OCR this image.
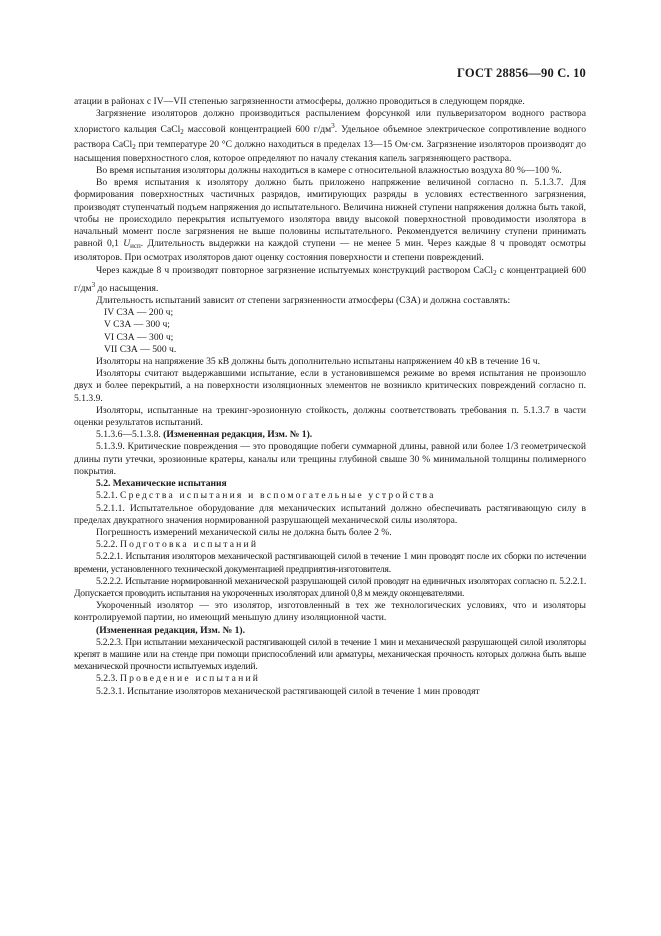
ГОСТ 28856—90 С. 10

атации в районах с IV—VII степенью загрязненности атмосферы, должно проводиться в следующем порядке.

Загрязнение изоляторов должно производиться распылением форсункой или пульверизатором водного раствора хлористого кальция CaCl$_2$ массовой концентрацией 600 $г/дм^3$. Удельное объемное электрическое сопротивление водного раствора CaCl$_2$ при температуре 20 °С должно находиться в пределах 13—15 Ом·см. Загрязнение изоляторов производят до насыщения поверхностного слоя, которое определяют по началу стекания капель загрязняющего раствора.

Во время испытания изоляторы должны находиться в камере с относительной влажностью воздуха 80 %—100 %.

Во время испытания к изолятору должно быть приложено напряжение величиной согласно п. 5.1.3.7. Для формирования поверхностных частичных разрядов, имитирующих разряды в условиях естественного загрязнения, производят ступенчатый подъем напряжения до испытательного. Величина нижней ступени напряжения должна быть такой, чтобы не происходило перекрытия испытуемого изолятора ввиду высокой поверхностной проводимости изолятора в начальный момент после загрязнения не выше половины испытательного. Рекомендуется величину ступени принимать равной 0,1 $U_{исп}$. Длительность выдержки на каждой ступени — не менее 5 мин. Через каждые 8 ч проводят осмотры изоляторов. При осмотрах изоляторов дают оценку состояния поверхности и степени повреждений.

Через каждые 8 ч производят повторное загрязнение испытуемых конструкций раствором CaCl$_2$ с концентрацией 600 $г/дм^3$ до насыщения.

Длительность испытаний зависит от степени загрязненности атмосферы (СЗА) и должна составлять:

IV СЗА — 200 ч;
V СЗА — 300 ч;
VI СЗА — 300 ч;
VII СЗА — 500 ч.

Изоляторы на напряжение 35 кВ должны быть дополнительно испытаны напряжением 40 кВ в течение 16 ч.

Изоляторы считают выдержавшими испытание, если в установившемся режиме во время испытания не произошло двух и более перекрытий, а на поверхности изоляционных элементов не возникло критических повреждений согласно п. 5.1.3.9.

Изоляторы, испытанные на трекинг-эрозионную стойкость, должны соответствовать требования п. 5.1.3.7 в части оценки результатов испытаний.

5.1.3.6—5.1.3.8. (Измененная редакция, Изм. № 1).

5.1.3.9. Критические повреждения — это проводящие побеги суммарной длины, равной или более 1/3 геометрической длины пути утечки, эрозионные кратеры, каналы или трещины глубиной свыше 30 % минимальной толщины полимерного покрытия.

5.2. Механические испытания

5.2.1. Средства испытания и вспомогательные устройства

5.2.1.1. Испытательное оборудование для механических испытаний должно обеспечивать растягивающую силу в пределах двукратного значения нормированной разрушающей механической силы изолятора.

Погрешность измерений механической силы не должна быть более 2 %.

5.2.2. Подготовка испытаний

5.2.2.1. Испытания изоляторов механической растягивающей силой в течение 1 мин проводят после их сборки по истечении времени, установленного технической документацией предприятия-изготовителя.

5.2.2.2. Испытание нормированной механической разрушающей силой проводят на единичных изоляторах согласно п. 5.2.2.1. Допускается проводить испытания на укороченных изоляторах длиной 0,8 м между оконцевателями.

Укороченный изолятор — это изолятор, изготовленный в тех же технологических условиях, что и изоляторы контролируемой партии, но имеющий меньшую длину изоляционной части.

(Измененная редакция, Изм. № 1).

5.2.2.3. При испытании механической растягивающей силой в течение 1 мин и механической разрушающей силой изоляторы крепят в машине или на стенде при помощи приспособлений или арматуры, механическая прочность которых должна быть выше механической прочности испытуемых изделий.

5.2.3. Проведение испытаний

5.2.3.1. Испытание изоляторов механической растягивающей силой в течение 1 мин проводят
